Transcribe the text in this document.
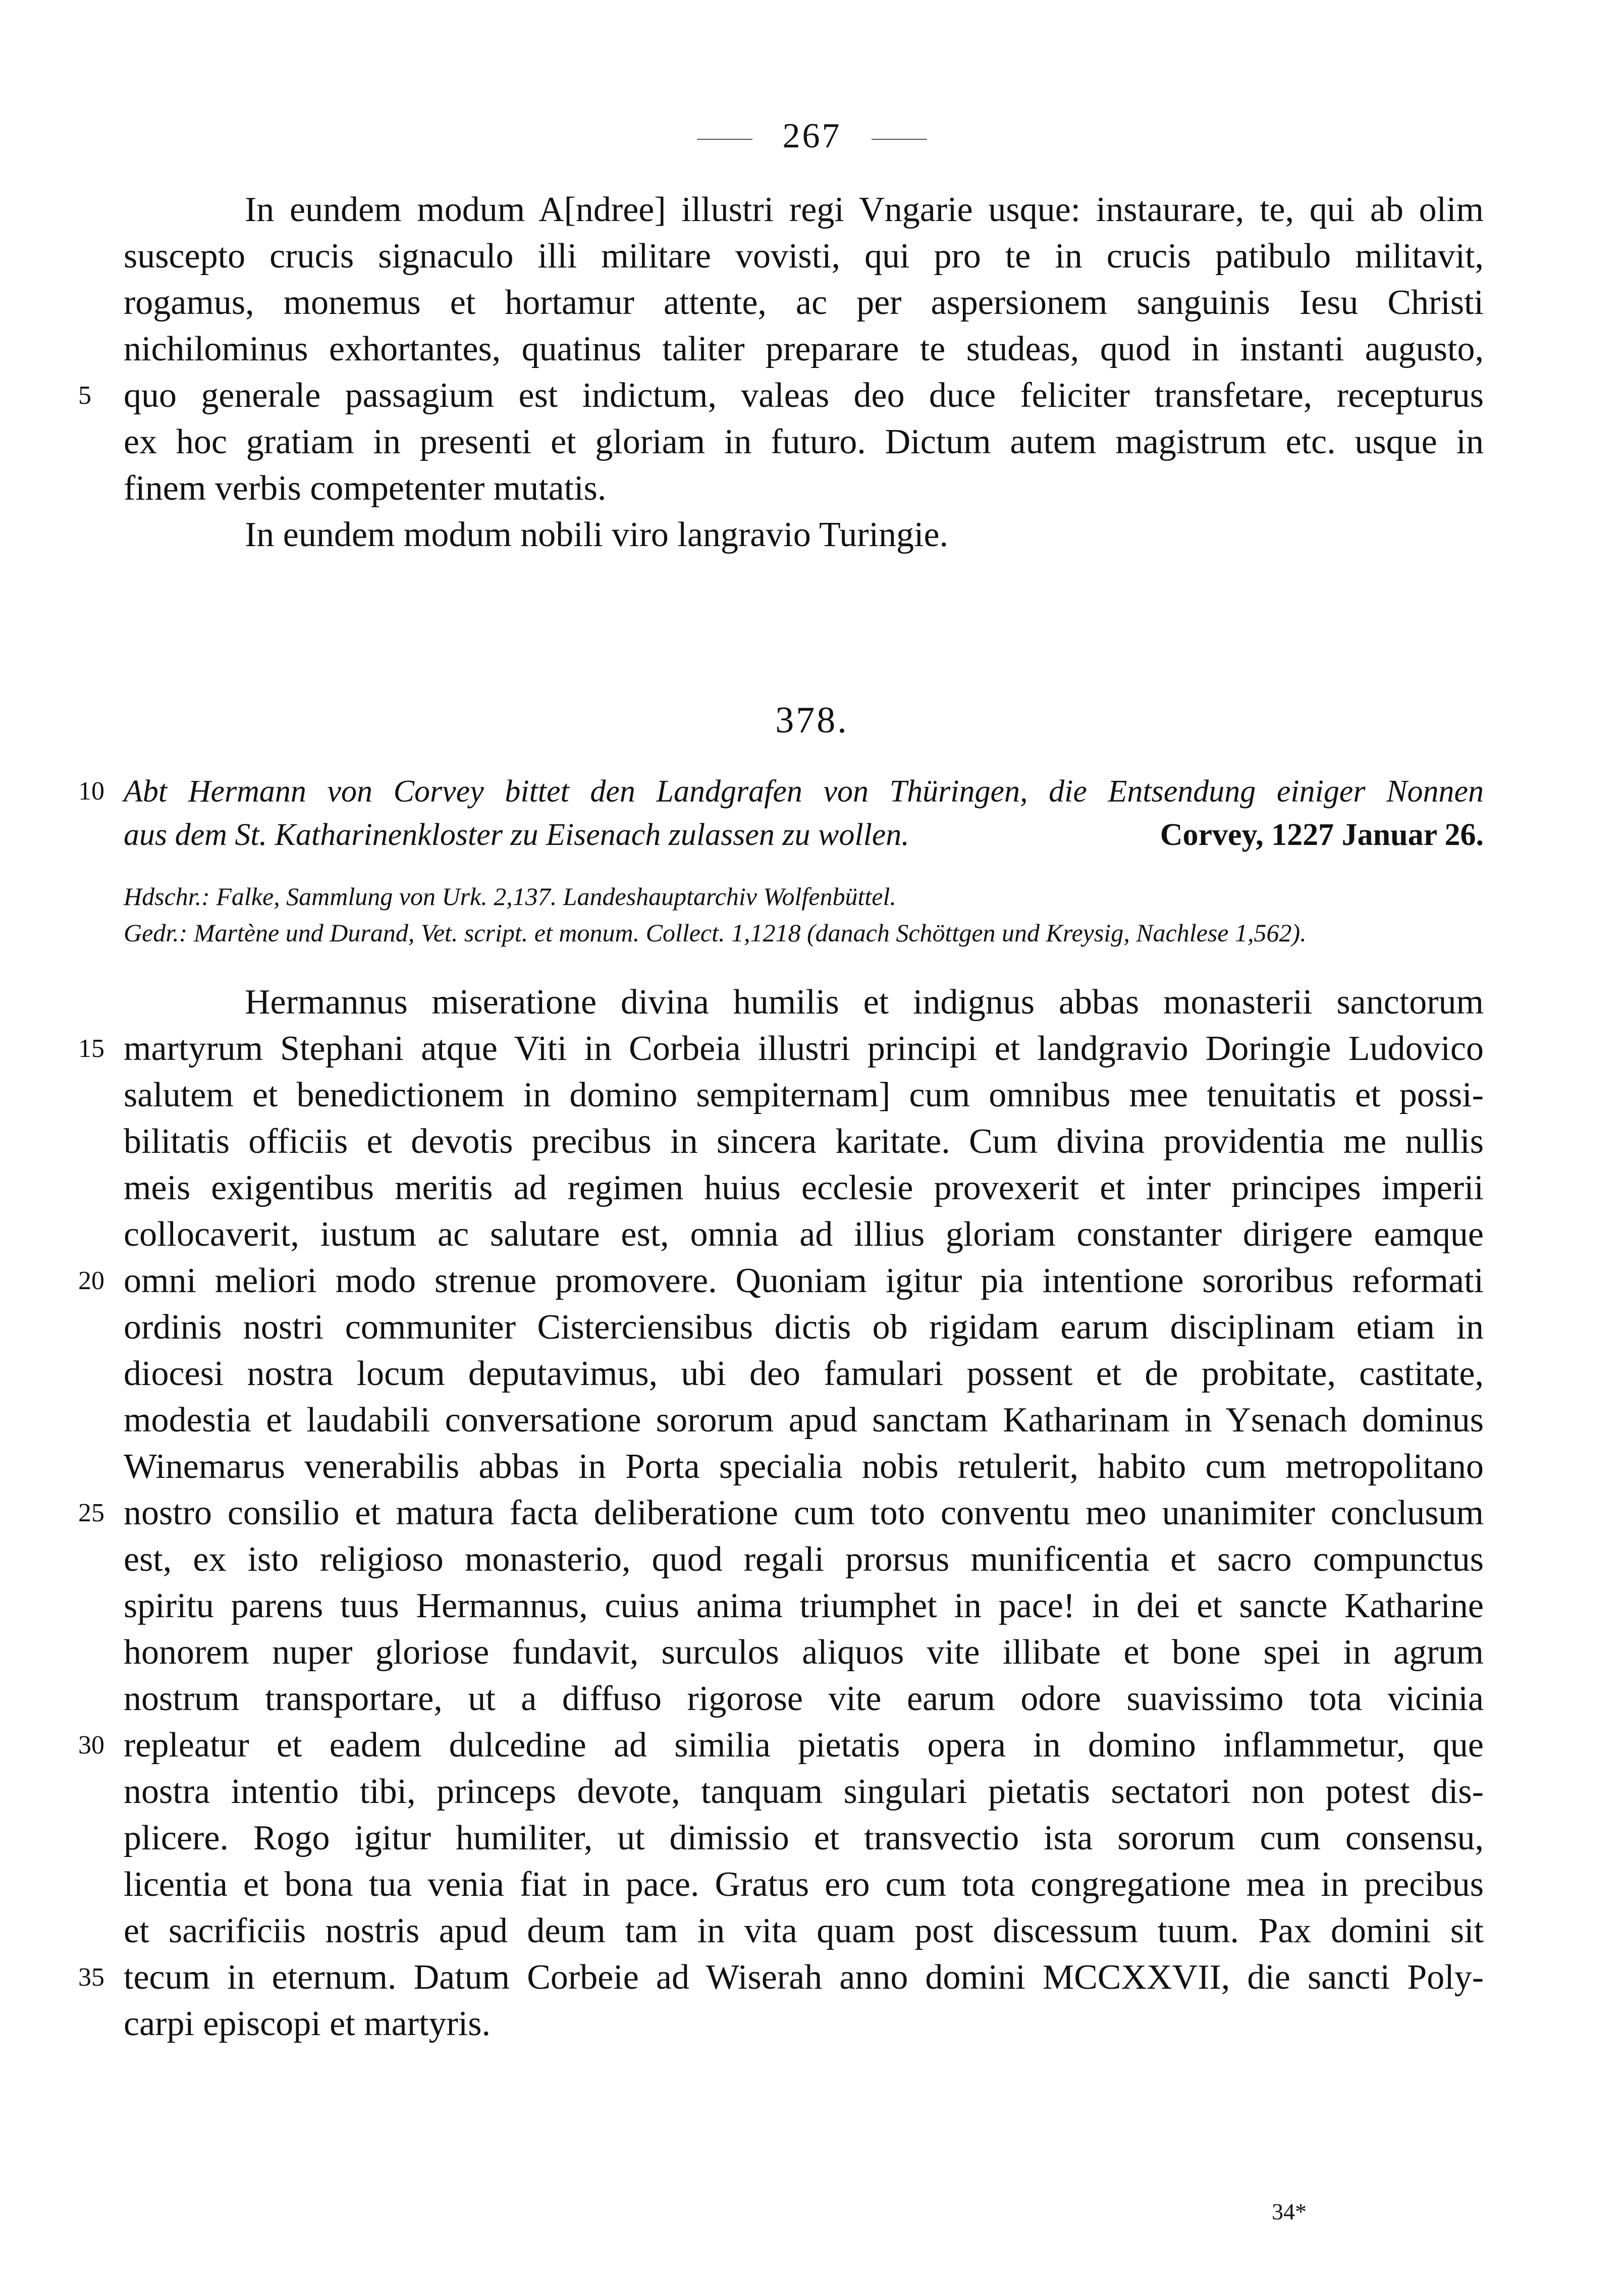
267
In eundem modum A[ndree] illustri regi Vngarie usque: instaurare, te, qui ab olim
suscepto crucis signaculo illi militare vovisti, qui pro te in crucis patibulo militavit,
rogamus, monemus et hortamur attente, ac per aspersionem sanguinis Iesu Christi
nichilominus exhortantes, quatinus taliter preparare te studeas, quod in instanti augusto,
5 quo generale passagium est indictum, valeas deo duce feliciter transfetare, recepturus
ex hoc gratiam in presenti et gloriam in futuro. Dictum autem magistrum etc. usque in
finem verbis competenter mutatis.
In eundem modum nobili viro langravio Turingie.
378.
10 Abt Hermann von Corvey bittet den Landgrafen von Thüringen, die Entsendung einiger Nonnen
aus dem St. Katharinenkloster zu Eisenach zulassen zu wollen.	Corvey, 1227 Januar 26.
Hdschr.: Falke, Sammlung von Urk. 2,137. Landeshauptarchiv Wolfenbüttel.
Gedr.: Martène und Durand, Vet. script. et monum. Collect. 1,1218 (danach Schöttgen und Kreysig, Nachlese 1,562).
Hermannus miseratione divina humilis et indignus abbas monasterii sanctorum
15 martyrum Stephani atque Viti in Corbeia illustri principi et landgravio Doringie Ludovico
salutem et benedictionem in domino sempiternam] cum omnibus mee tenuitatis et possi-
bilitatis officiis et devotis precibus in sincera karitate. Cum divina providentia me nullis
meis exigentibus meritis ad regimen huius ecclesie provexerit et inter principes imperii
collocaverit, iustum ac salutare est, omnia ad illius gloriam constanter dirigere eamque
20 omni meliori modo strenue promovere. Quoniam igitur pia intentione sororibus reformati
ordinis nostri communiter Cisterciensibus dictis ob rigidam earum disciplinam etiam in
diocesi nostra locum deputavimus, ubi deo famulari possent et de probitate, castitate,
modestia et laudabili conversatione sororum apud sanctam Katharinam in Ysenach dominus
Winemarus venerabilis abbas in Porta specialia nobis retulerit, habito cum metropolitano
25 nostro consilio et matura facta deliberatione cum toto conventu meo unanimiter conclusum
est, ex isto religioso monasterio, quod regali prorsus munificentia et sacro compunctus
spiritu parens tuus Hermannus, cuius anima triumphet in pace! in dei et sancte Katharine
honorem nuper gloriose fundavit, surculos aliquos vite illibate et bone spei in agrum
nostrum transportare, ut a diffuso rigorose vite earum odore suavissimo tota vicinia
30 repleatur et eadem dulcedine ad similia pietatis opera in domino inflammetur, que
nostra intentio tibi, princeps devote, tanquam singulari pietatis sectatori non potest dis-
plicere. Rogo igitur humiliter, ut dimissio et transvectio ista sororum cum consensu,
licentia et bona tua venia fiat in pace. Gratus ero cum tota congregatione mea in precibus
et sacrificiis nostris apud deum tam in vita quam post discessum tuum. Pax domini sit
35 tecum in eternum. Datum Corbeie ad Wiserah anno domini MCCXXVII, die sancti Poly-
carpi episcopi et martyris.
34*
